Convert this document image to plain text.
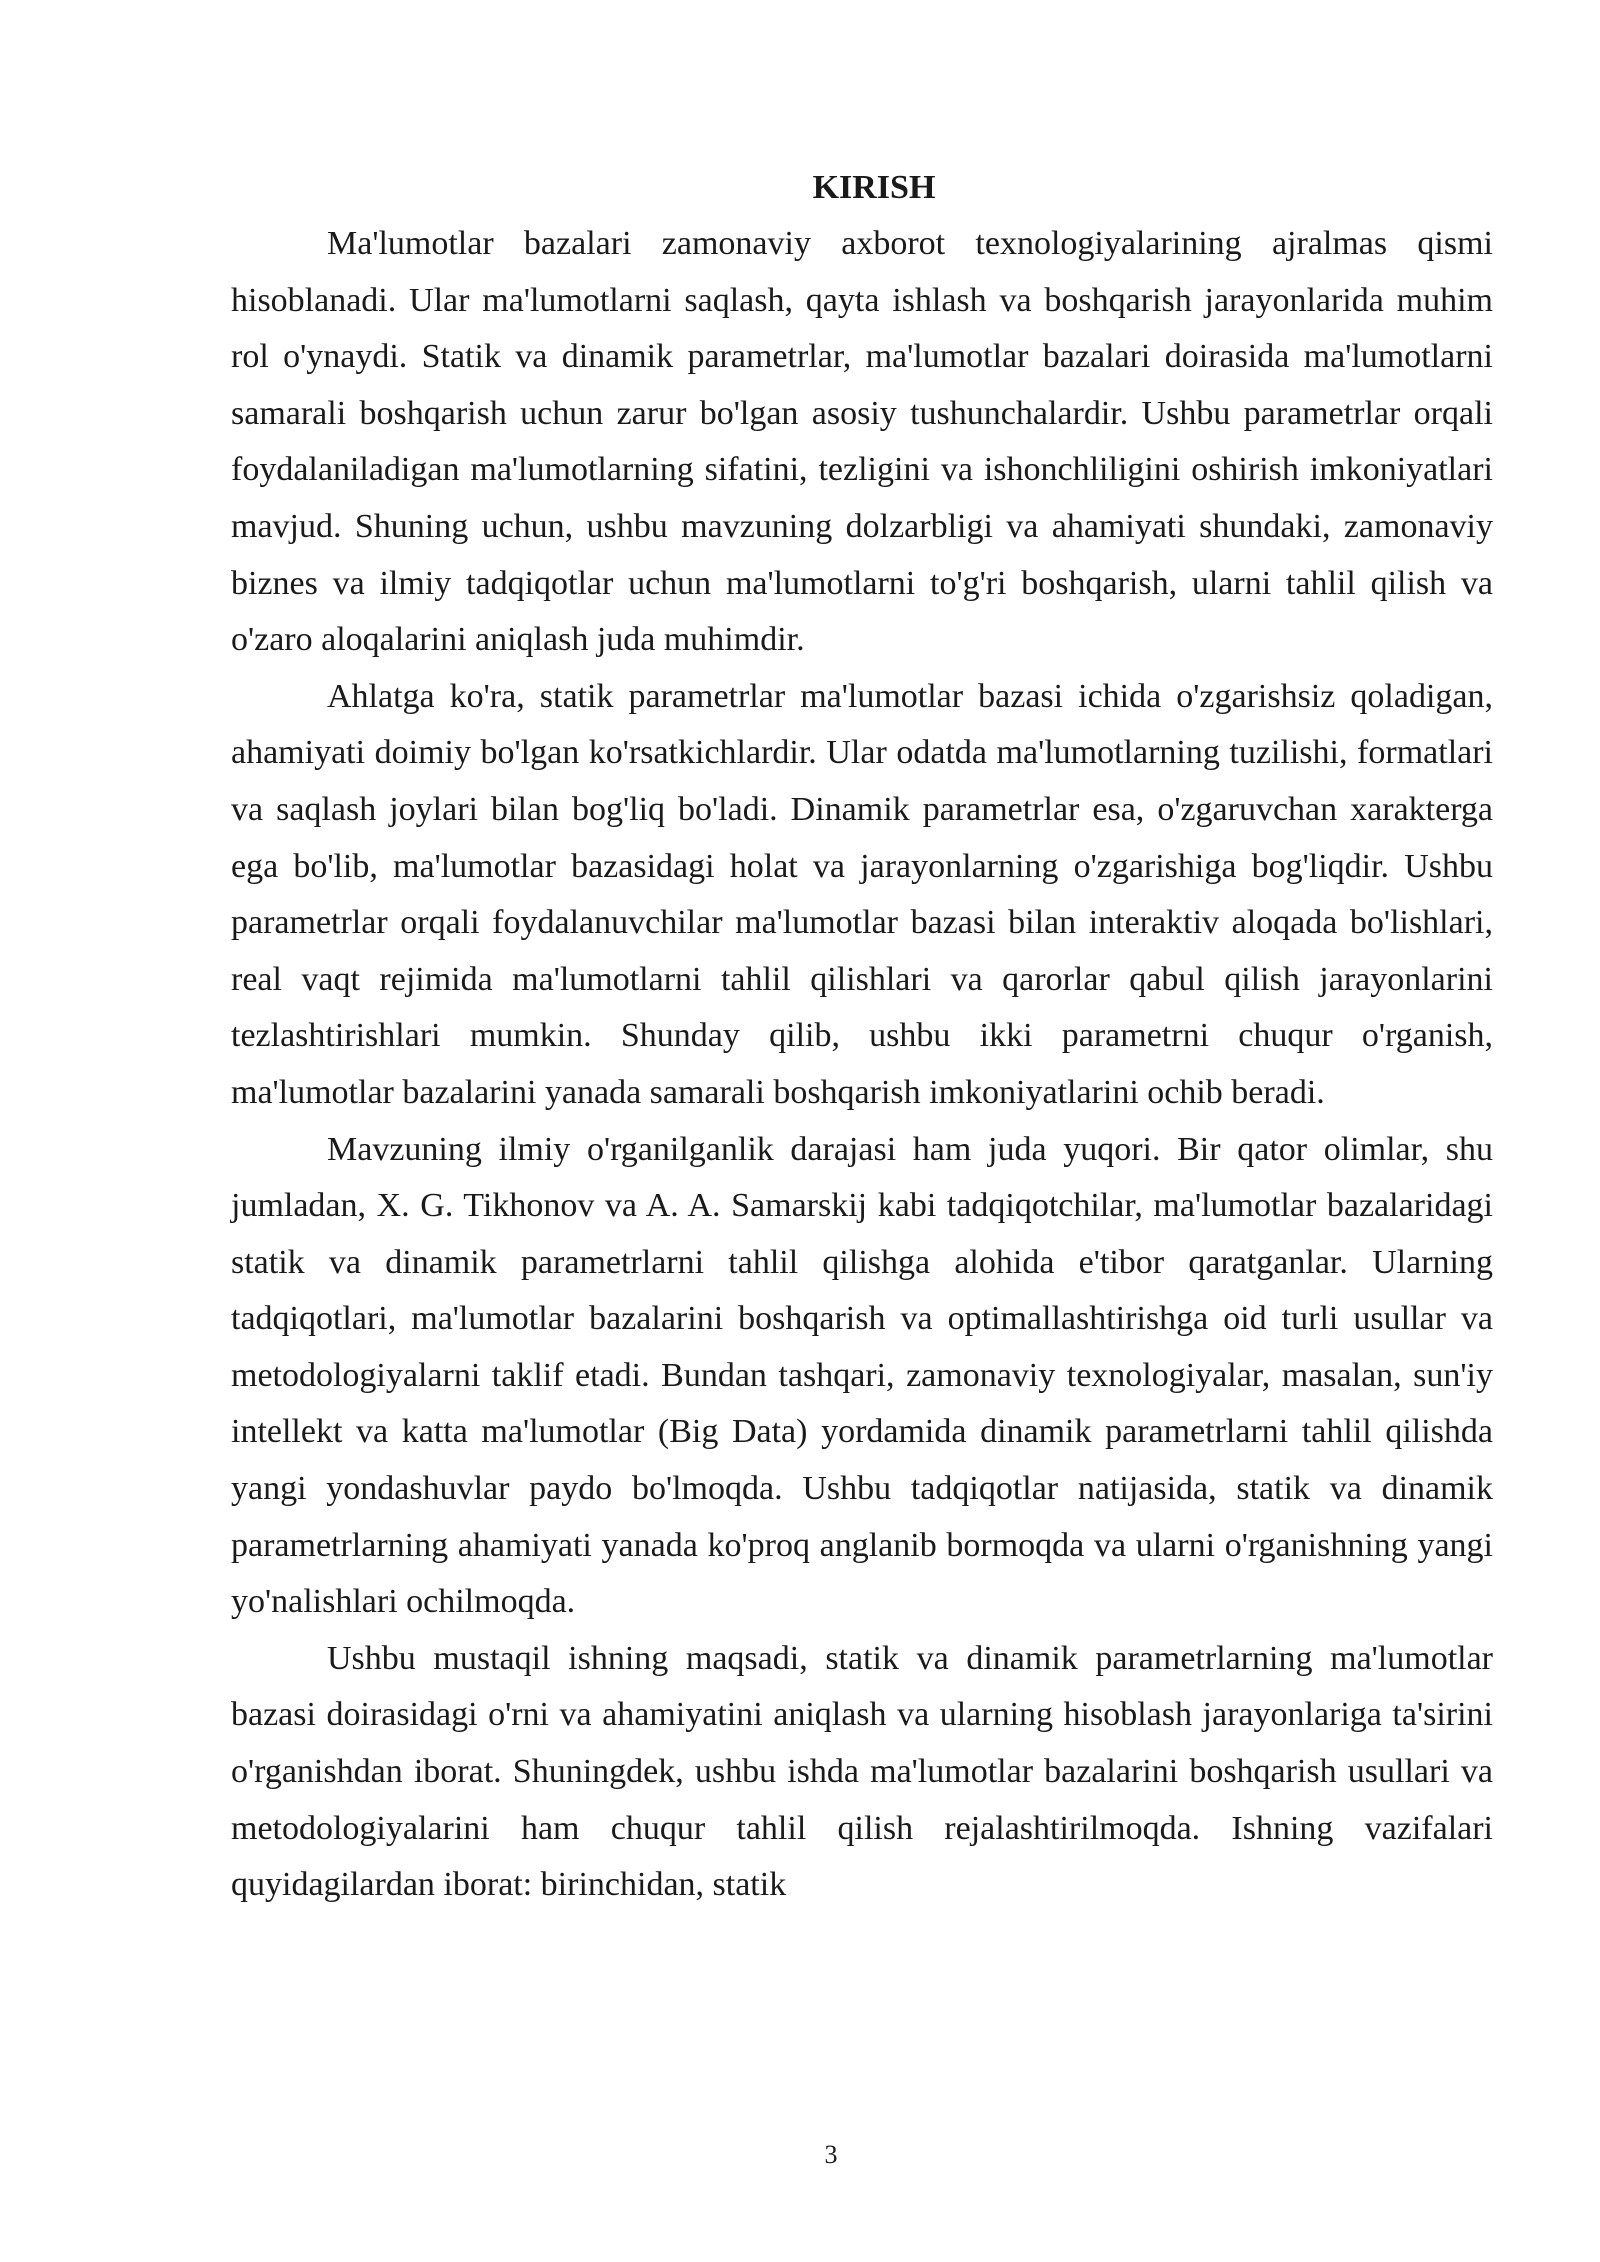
KIRISH

Ma'lumotlar bazalari zamonaviy axborot texnologiyalarining ajralmas qismi hisoblanadi. Ular ma'lumotlarni saqlash, qayta ishlash va boshqarish jarayonlarida muhim rol o'ynaydi. Statik va dinamik parametrlar, ma'lumotlar bazalari doirasida ma'lumotlarni samarali boshqarish uchun zarur bo'lgan asosiy tushunchalardir. Ushbu parametrlar orqali foydalaniladigan ma'lumotlarning sifatini, tezligini va ishonchliligini oshirish imkoniyatlari mavjud. Shuning uchun, ushbu mavzuning dolzarbligi va ahamiyati shundaki, zamonaviy biznes va ilmiy tadqiqotlar uchun ma'lumotlarni to'g'ri boshqarish, ularni tahlil qilish va o'zaro aloqalarini aniqlash juda muhimdir.

Ahlatga ko'ra, statik parametrlar ma'lumotlar bazasi ichida o'zgarishsiz qoladigan, ahamiyati doimiy bo'lgan ko'rsatkichlardir. Ular odatda ma'lumotlarning tuzilishi, formatlari va saqlash joylari bilan bog'liq bo'ladi. Dinamik parametrlar esa, o'zgaruvchan xarakterga ega bo'lib, ma'lumotlar bazasidagi holat va jarayonlarning o'zgarishiga bog'liqdir. Ushbu parametrlar orqali foydalanuvchilar ma'lumotlar bazasi bilan interaktiv aloqada bo'lishlari, real vaqt rejimida ma'lumotlarni tahlil qilishlari va qarorlar qabul qilish jarayonlarini tezlashtirishlari mumkin. Shunday qilib, ushbu ikki parametrni chuqur o'rganish, ma'lumotlar bazalarini yanada samarali boshqarish imkoniyatlarini ochib beradi.

Mavzuning ilmiy o'rganilganlik darajasi ham juda yuqori. Bir qator olimlar, shu jumladan, X. G. Tikhonov va A. A. Samarskij kabi tadqiqotchilar, ma'lumotlar bazalaridagi statik va dinamik parametrlarni tahlil qilishga alohida e'tibor qaratganlar. Ularning tadqiqotlari, ma'lumotlar bazalarini boshqarish va optimallashtirishga oid turli usullar va metodologiyalarni taklif etadi. Bundan tashqari, zamonaviy texnologiyalar, masalan, sun'iy intellekt va katta ma'lumotlar (Big Data) yordamida dinamik parametrlarni tahlil qilishda yangi yondashuvlar paydo bo'lmoqda. Ushbu tadqiqotlar natijasida, statik va dinamik parametrlarning ahamiyati yanada ko'proq anglanib bormoqda va ularni o'rganishning yangi yo'nalishlari ochilmoqda.

Ushbu mustaqil ishning maqsadi, statik va dinamik parametrlarning ma'lumotlar bazasi doirasidagi o'rni va ahamiyatini aniqlash va ularning hisoblash jarayonlariga ta'sirini o'rganishdan iborat. Shuningdek, ushbu ishda ma'lumotlar bazalarini boshqarish usullari va metodologiyalarini ham chuqur tahlil qilish rejalashtirilmoqda. Ishning vazifalari quyidagilardan iborat: birinchidan, statik

3
